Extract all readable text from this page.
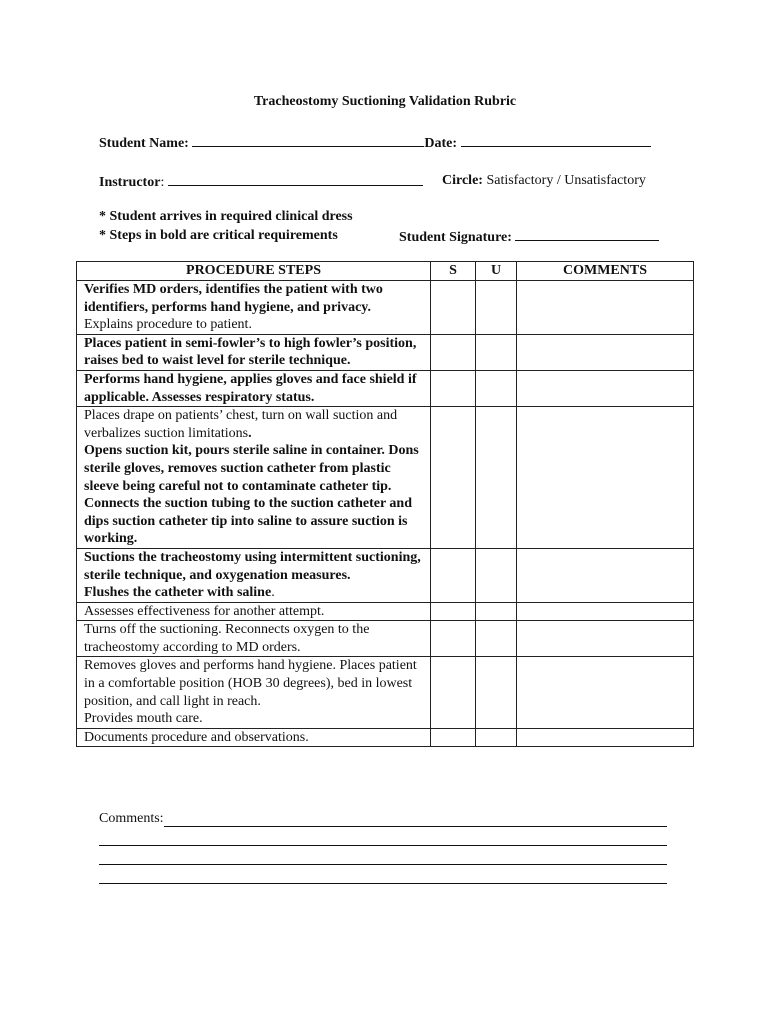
Tracheostomy Suctioning Validation Rubric
Student Name:	Date:
Instructor:	Circle: Satisfactory / Unsatisfactory
* Student arrives in required clinical dress
* Steps in bold are critical requirements	Student Signature:
PROCEDURE STEPS	S	U	COMMENTS

Verifies MD orders, identifies the patient with two identifiers, performs hand hygiene, and privacy.
Explains procedure to patient.			

Places patient in semi-fowler’s to high fowler’s position, raises bed to waist level for sterile technique.			

Performs hand hygiene, applies gloves and face shield if applicable. Assesses respiratory status.			

Places drape on patients’ chest, turn on wall suction and verbalizes suction limitations.
Opens suction kit, pours sterile saline in container. Dons sterile gloves, removes suction catheter from plastic sleeve being careful not to contaminate catheter tip. Connects the suction tubing to the suction catheter and dips suction catheter tip into saline to assure suction is working.			

Suctions the tracheostomy using intermittent suctioning, sterile technique, and oxygenation measures.
Flushes the catheter with saline.			

Assesses effectiveness for another attempt.			

Turns off the suctioning. Reconnects oxygen to the tracheostomy according to MD orders.			

Removes gloves and performs hand hygiene. Places patient in a comfortable position (HOB 30 degrees), bed in lowest position, and call light in reach.
Provides mouth care.			

Documents procedure and observations.			

Comments:
